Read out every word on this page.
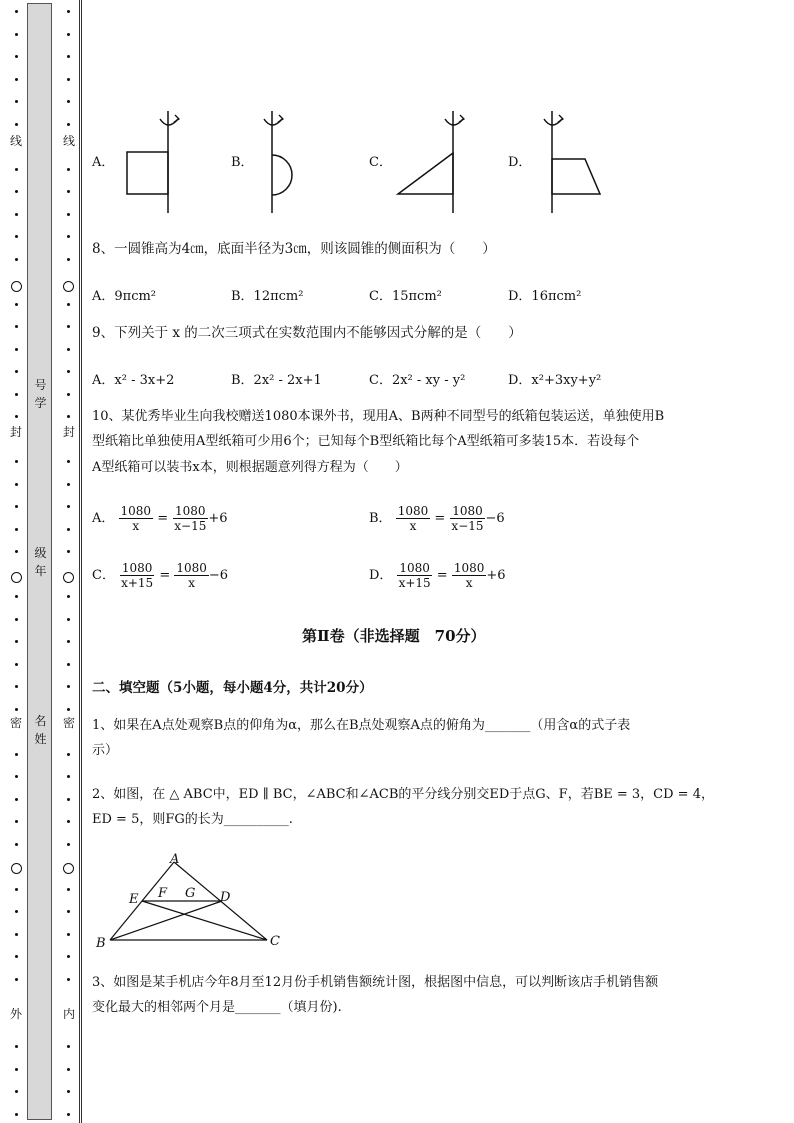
号
学
级
年
名
姓
线
封
密
外
线
封
密
内
A．	B．	C．	D．
8、一圆锥高为4㎝，底面半径为3㎝，则该圆锥的侧面积为（　　）
A．9πcm²	B．12πcm²	C．15πcm²	D．16πcm²
9、下列关于 x 的二次三项式在实数范围内不能够因式分解的是（　　）
A．x² - 3x+2	B．2x² - 2x+1	C．2x² - xy - y²	D．x²+3xy+y²
10、某优秀毕业生向我校赠送1080本课外书，现用A、B两种不同型号的纸箱包装运送，单独使用B
型纸箱比单独使用A型纸箱可少用6个；已知每个B型纸箱比每个A型纸箱可多装15本．若设每个
A型纸箱可以装书x本，则根据题意列得方程为（　　）
A． $\frac{1080}{x} = \frac{1080}{x-15} +6$	B． $\frac{1080}{x} = \frac{1080}{x-15} -6$
C． $\frac{1080}{x+15} = \frac{1080}{x} -6$	D． $\frac{1080}{x+15} = \frac{1080}{x} +6$
第Ⅱ卷（非选择题　70分）
二、填空题（5小题，每小题4分，共计20分）
1、如果在A点处观察B点的仰角为α，那么在B点处观察A点的俯角为_______（用含α的式子表
示）
2、如图，在 △ ABC中，ED ∥ BC，∠ABC和∠ACB的平分线分别交ED于点G、F，若BE = 3，CD = 4，
ED = 5，则FG的长为__________.
A
E F G D
B	C
3、如图是某手机店今年8月至12月份手机销售额统计图，根据图中信息，可以判断该店手机销售额
变化最大的相邻两个月是_______（填月份).
